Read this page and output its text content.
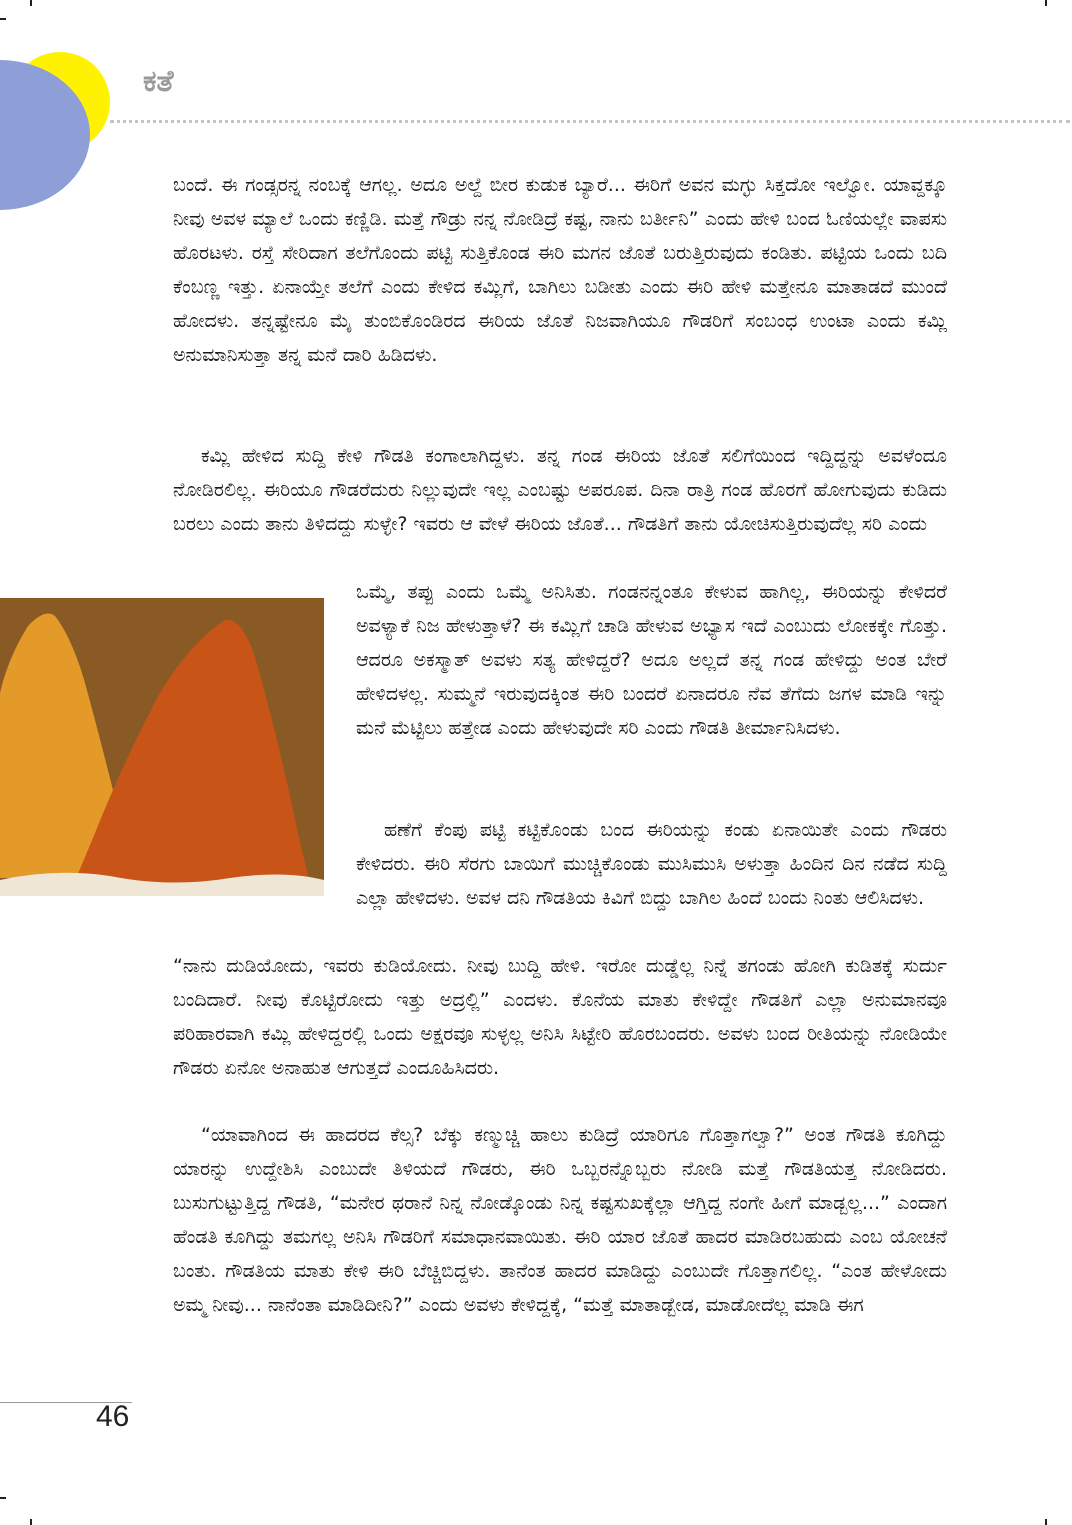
ಕತೆ

ಬಂದೆ. ಈ ಗಂಡ್ಸರನ್ನ ನಂಬಕ್ಕೆ ಆಗಲ್ಲ. ಅದೂ ಅಲ್ದೆ ಬೀರ ಕುಡುಕ ಬ್ಯಾರೆ... ಈರಿಗೆ ಅವನ ಮಗ್ಳು ಸಿಕ್ತದೋ ಇಲ್ವೋ. ಯಾವ್ದಕ್ಕೂ ನೀವು ಅವಳ ಮ್ಯಾಲೆ ಒಂದು ಕಣ್ಣಿಡಿ. ಮತ್ತೆ ಗೌಡ್ರು ನನ್ನ ನೋಡಿದ್ರೆ ಕಷ್ಟ, ನಾನು ಬರ್ತೀನಿ” ಎಂದು ಹೇಳಿ ಬಂದ ಓಣಿಯಲ್ಲೇ ವಾಪಸು ಹೊರಟಳು. ರಸ್ತೆ ಸೇರಿದಾಗ ತಲೆಗೊಂದು ಪಟ್ಟಿ ಸುತ್ತಿಕೊಂಡ ಈರಿ ಮಗನ ಜೊತೆ ಬರುತ್ತಿರುವುದು ಕಂಡಿತು. ಪಟ್ಟಿಯ ಒಂದು ಬದಿ ಕೆಂಬಣ್ಣ ಇತ್ತು. ಏನಾಯ್ತೇ ತಲೆಗೆ ಎಂದು ಕೇಳಿದ ಕಮ್ಲಿಗೆ, ಬಾಗಿಲು ಬಡೀತು ಎಂದು ಈರಿ ಹೇಳಿ ಮತ್ತೇನೂ ಮಾತಾಡದೆ ಮುಂದೆ ಹೋದಳು. ತನ್ನಷ್ಟೇನೂ ಮೈ ತುಂಬಿಕೊಂಡಿರದ ಈರಿಯ ಜೊತೆ ನಿಜವಾಗಿಯೂ ಗೌಡರಿಗೆ ಸಂಬಂಧ ಉಂಟಾ ಎಂದು ಕಮ್ಲಿ ಅನುಮಾನಿಸುತ್ತಾ ತನ್ನ ಮನೆ ದಾರಿ ಹಿಡಿದಳು.

ಕಮ್ಲಿ ಹೇಳಿದ ಸುದ್ದಿ ಕೇಳಿ ಗೌಡತಿ ಕಂಗಾಲಾಗಿದ್ದಳು. ತನ್ನ ಗಂಡ ಈರಿಯ ಜೊತೆ ಸಲಿಗೆಯಿಂದ ಇದ್ದಿದ್ದನ್ನು ಅವಳೆಂದೂ ನೋಡಿರಲಿಲ್ಲ. ಈರಿಯೂ ಗೌಡರೆದುರು ನಿಲ್ಲುವುದೇ ಇಲ್ಲ ಎಂಬಷ್ಟು ಅಪರೂಪ. ದಿನಾ ರಾತ್ರಿ ಗಂಡ ಹೊರಗೆ ಹೋಗುವುದು ಕುಡಿದು ಬರಲು ಎಂದು ತಾನು ತಿಳಿದದ್ದು ಸುಳ್ಳೇ? ಇವರು ಆ ವೇಳೆ ಈರಿಯ ಜೊತೆ... ಗೌಡತಿಗೆ ತಾನು ಯೋಚಿಸುತ್ತಿರುವುದೆಲ್ಲ ಸರಿ ಎಂದು

ಒಮ್ಮೆ, ತಪ್ಪು ಎಂದು ಒಮ್ಮೆ ಅನಿಸಿತು. ಗಂಡನನ್ನಂತೂ ಕೇಳುವ ಹಾಗಿಲ್ಲ, ಈರಿಯನ್ನು ಕೇಳಿದರೆ ಅವಳ್ಯಾಕೆ ನಿಜ ಹೇಳುತ್ತಾಳೆ? ಈ ಕಮ್ಲಿಗೆ ಚಾಡಿ ಹೇಳುವ ಅಭ್ಯಾಸ ಇದೆ ಎಂಬುದು ಲೋಕಕ್ಕೇ ಗೊತ್ತು. ಆದರೂ ಅಕಸ್ಮಾತ್ ಅವಳು ಸತ್ಯ ಹೇಳಿದ್ದರೆ? ಅದೂ ಅಲ್ಲದೆ ತನ್ನ ಗಂಡ ಹೇಳಿದ್ದು ಅಂತ ಬೇರೆ ಹೇಳಿದಳಲ್ಲ. ಸುಮ್ಮನೆ ಇರುವುದಕ್ಕಿಂತ ಈರಿ ಬಂದರೆ ಏನಾದರೂ ನೆವ ತೆಗೆದು ಜಗಳ ಮಾಡಿ ಇನ್ನು ಮನೆ ಮೆಟ್ಟಿಲು ಹತ್ತೇಡ ಎಂದು ಹೇಳುವುದೇ ಸರಿ ಎಂದು ಗೌಡತಿ ತೀರ್ಮಾನಿಸಿದಳು.

ಹಣೆಗೆ ಕೆಂಪು ಪಟ್ಟಿ ಕಟ್ಟಿಕೊಂಡು ಬಂದ ಈರಿಯನ್ನು ಕಂಡು ಏನಾಯಿತೇ ಎಂದು ಗೌಡರು ಕೇಳಿದರು. ಈರಿ ಸೆರಗು ಬಾಯಿಗೆ ಮುಚ್ಚಿಕೊಂಡು ಮುಸಿಮುಸಿ ಅಳುತ್ತಾ ಹಿಂದಿನ ದಿನ ನಡೆದ ಸುದ್ದಿ ಎಲ್ಲಾ ಹೇಳಿದಳು. ಅವಳ ದನಿ ಗೌಡತಿಯ ಕಿವಿಗೆ ಬಿದ್ದು ಬಾಗಿಲ ಹಿಂದೆ ಬಂದು ನಿಂತು ಆಲಿಸಿದಳು.

“ನಾನು ದುಡಿಯೋದು, ಇವರು ಕುಡಿಯೋದು. ನೀವು ಬುದ್ದಿ ಹೇಳಿ. ಇರೋ ದುಡ್ಡೆಲ್ಲ ನಿನ್ನೆ ತಗಂಡು ಹೋಗಿ ಕುಡಿತಕ್ಕೆ ಸುರ್ದು ಬಂದಿದಾರೆ. ನೀವು ಕೊಟ್ಟಿರೋದು ಇತ್ತು ಅದ್ರಲ್ಲಿ” ಎಂದಳು. ಕೊನೆಯ ಮಾತು ಕೇಳಿದ್ದೇ ಗೌಡತಿಗೆ ಎಲ್ಲಾ ಅನುಮಾನವೂ ಪರಿಹಾರವಾಗಿ ಕಮ್ಲಿ ಹೇಳಿದ್ದರಲ್ಲಿ ಒಂದು ಅಕ್ಷರವೂ ಸುಳ್ಳಲ್ಲ ಅನಿಸಿ ಸಿಟ್ಟೇರಿ ಹೊರಬಂದರು. ಅವಳು ಬಂದ ರೀತಿಯನ್ನು ನೋಡಿಯೇ ಗೌಡರು ಏನೋ ಅನಾಹುತ ಆಗುತ್ತದೆ ಎಂದೂಹಿಸಿದರು.

“ಯಾವಾಗಿಂದ ಈ ಹಾದರದ ಕೆಲ್ಸ? ಬೆಕ್ಕು ಕಣ್ಮುಚ್ಚಿ ಹಾಲು ಕುಡಿದ್ರೆ ಯಾರಿಗೂ ಗೊತ್ತಾಗಲ್ವಾ?” ಅಂತ ಗೌಡತಿ ಕೂಗಿದ್ದು ಯಾರನ್ನು ಉದ್ದೇಶಿಸಿ ಎಂಬುದೇ ತಿಳಿಯದೆ ಗೌಡರು, ಈರಿ ಒಬ್ಬರನ್ನೊಬ್ಬರು ನೋಡಿ ಮತ್ತೆ ಗೌಡತಿಯತ್ತ ನೋಡಿದರು. ಬುಸುಗುಟ್ಟುತ್ತಿದ್ದ ಗೌಡತಿ, “ಮನೇರ ಥರಾನೆ ನಿನ್ನ ನೋಡ್ಕೊಂಡು ನಿನ್ನ ಕಷ್ಟಸುಖಕ್ಕೆಲ್ಲಾ ಆಗ್ತಿದ್ದ ನಂಗೇ ಹೀಗೆ ಮಾಡ್ಬಲ್ಲ...” ಎಂದಾಗ ಹೆಂಡತಿ ಕೂಗಿದ್ದು ತಮಗಲ್ಲ ಅನಿಸಿ ಗೌಡರಿಗೆ ಸಮಾಧಾನವಾಯಿತು. ಈರಿ ಯಾರ ಜೊತೆ ಹಾದರ ಮಾಡಿರಬಹುದು ಎಂಬ ಯೋಚನೆ ಬಂತು. ಗೌಡತಿಯ ಮಾತು ಕೇಳಿ ಈರಿ ಬೆಚ್ಚಿಬಿದ್ದಳು. ತಾನೆಂತ ಹಾದರ ಮಾಡಿದ್ದು ಎಂಬುದೇ ಗೊತ್ತಾಗಲಿಲ್ಲ. “ಎಂತ ಹೇಳೋದು ಅಮ್ಮ ನೀವು... ನಾನೆಂತಾ ಮಾಡಿದೀನಿ?” ಎಂದು ಅವಳು ಕೇಳಿದ್ದಕ್ಕೆ, “ಮತ್ತೆ ಮಾತಾಡ್ಬೇಡ, ಮಾಡೋದೆಲ್ಲ ಮಾಡಿ ಈಗ

46
